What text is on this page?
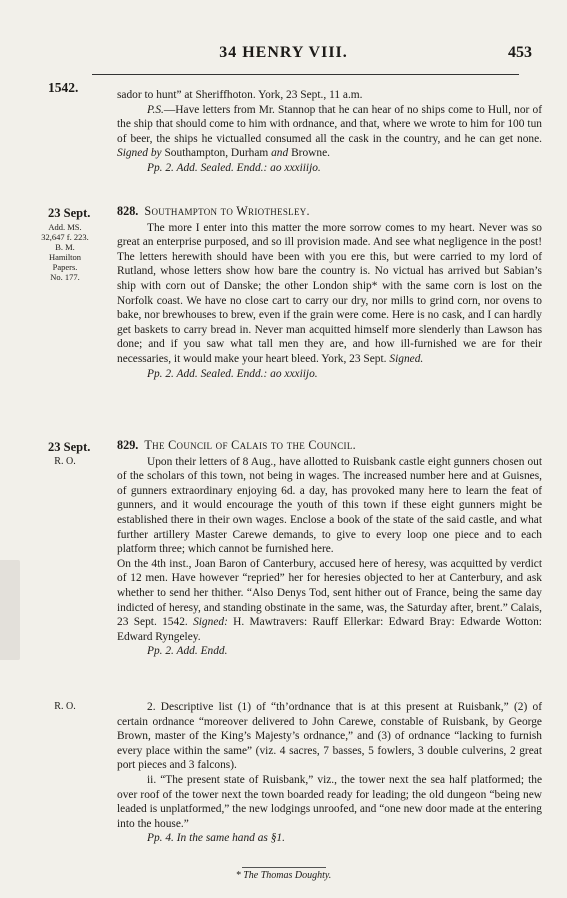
34 HENRY VIII.	453
1542.	sador to hunt” at Sheriffhoton. York, 23 Sept., 11 a.m.

P.S.—Have letters from Mr. Stannop that he can hear of no ships come to Hull, nor of the ship that should come to him with ordnance, and that, where we wrote to him for 100 tun of beer, the ships he victualled consumed all the cask in the country, and he can get none. Signed by Southampton, Durham and Browne.

Pp. 2. Add. Sealed. Endd.: ao xxxiiijo.

23 Sept.
Add. MS.
32,647 f. 223.
B. M.
Hamilton
Papers.
No. 177.

828. Southampton to Wriothesley.

The more I enter into this matter the more sorrow comes to my heart. Never was so great an enterprise purposed, and so ill provision made. And see what negligence in the post! The letters herewith should have been with you ere this, but were carried to my lord of Rutland, whose letters show how bare the country is. No victual has arrived but Sabian’s ship with corn out of Danske; the other London ship* with the same corn is lost on the Norfolk coast. We have no close cart to carry our dry, nor mills to grind corn, nor ovens to bake, nor brewhouses to brew, even if the grain were come. Here is no cask, and I can hardly get baskets to carry bread in. Never man acquitted himself more slenderly than Lawson has done; and if you saw what tall men they are, and how ill-furnished we are for their necessaries, it would make your heart bleed. York, 23 Sept. Signed.

Pp. 2. Add. Sealed. Endd.: ao xxxiijo.

23 Sept.
R. O.

829. The Council of Calais to the Council.

Upon their letters of 8 Aug., have allotted to Ruisbank castle eight gunners chosen out of the scholars of this town, not being in wages. The increased number here and at Guisnes, of gunners extraordinary enjoying 6d. a day, has provoked many here to learn the feat of gunners, and it would encourage the youth of this town if these eight gunners might be established there in their own wages. Enclose a book of the state of the said castle, and what further artillery Master Carewe demands, to give to every loop one piece and to each platform three; which cannot be furnished here.

On the 4th inst., Joan Baron of Canterbury, accused here of heresy, was acquitted by verdict of 12 men. Have however “repried” her for heresies objected to her at Canterbury, and ask whether to send her thither. “Also Denys Tod, sent hither out of France, being the same day indicted of heresy, and standing obstinate in the same, was, the Saturday after, brent.” Calais, 23 Sept. 1542. Signed: H. Mawtravers: Rauff Ellerkar: Edward Bray: Edwarde Wotton: Edward Ryngeley.

Pp. 2. Add. Endd.

R. O.	2. Descriptive list (1) of “th’ordnance that is at this present at Ruisbank,” (2) of certain ordnance “moreover delivered to John Carewe, constable of Ruisbank, by George Brown, master of the King’s Majesty’s ordnance,” and (3) of ordnance “lacking to furnish every place within the same” (viz. 4 sacres, 7 basses, 5 fowlers, 3 double culverins, 2 great port pieces and 3 falcons).

ii. “The present state of Ruisbank,” viz., the tower next the sea half platformed; the over roof of the tower next the town boarded ready for leading; the old dungeon “being new leaded is unplatformed,” the new lodgings unroofed, and “one new door made at the entering into the house.”

Pp. 4. In the same hand as §1.

* The Thomas Doughty.
